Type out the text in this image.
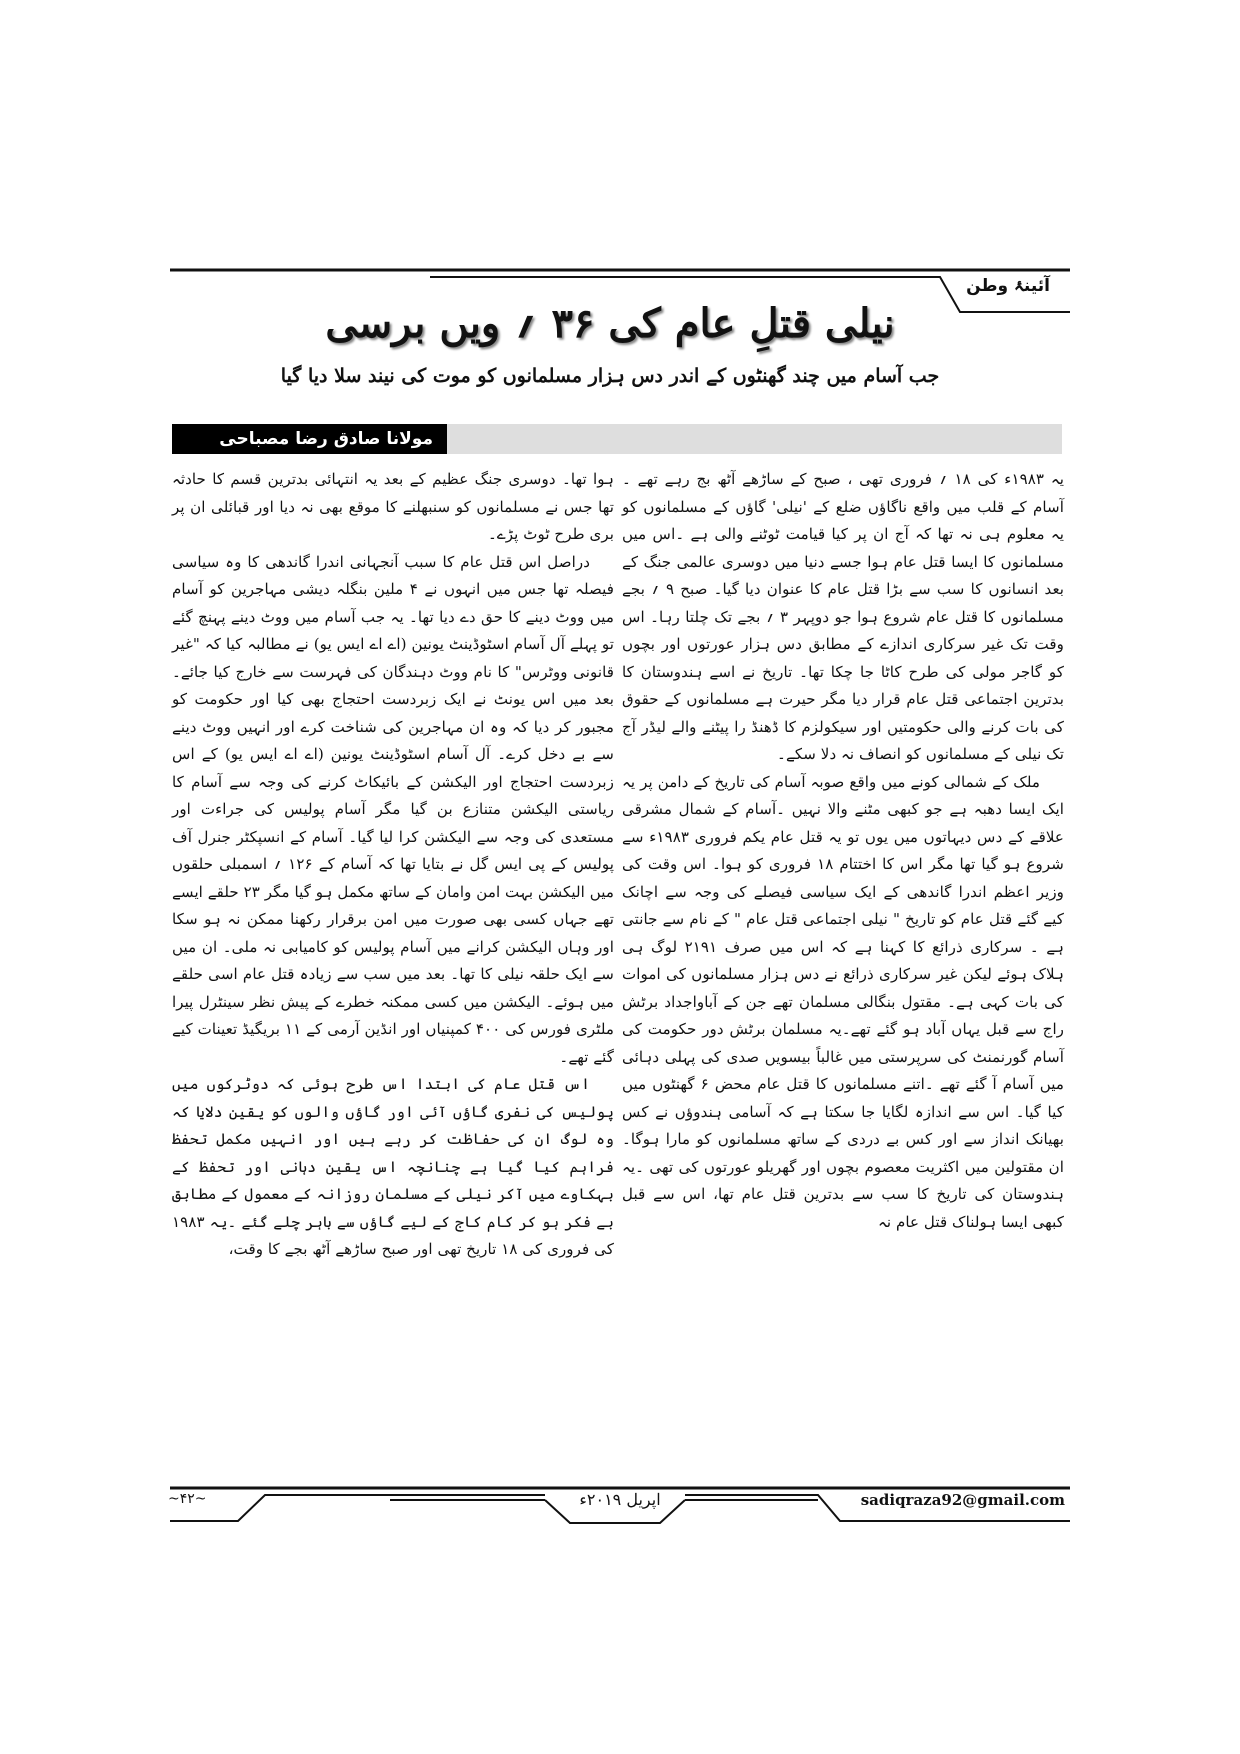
آئینۂ وطن
نیلی قتلِ عام کی ۳۶ ؍ ویں برسی
جب آسام میں چند گھنٹوں کے اندر دس ہزار مسلمانوں کو موت کی نیند سلا دیا گیا
مولانا صادق رضا مصباحی

یہ ۱۹۸۳ء کی ۱۸ ؍ فروری تھی ، صبح کے ساڑھے آٹھ بج رہے تھے ۔آسام کے قلب میں واقع ناگاؤں ضلع کے 'نیلی' گاؤں کے مسلمانوں کو یہ معلوم ہی نہ تھا کہ آج ان پر کیا قیامت ٹوٹنے والی ہے ۔اس میں مسلمانوں کا ایسا قتل عام ہوا جسے دنیا میں دوسری عالمی جنگ کے بعد انسانوں کا سب سے بڑا قتل عام کا عنوان دیا گیا۔ صبح ۹ ؍ بجے مسلمانوں کا قتل عام شروع ہوا جو دوپہر ۳ ؍ بجے تک چلتا رہا۔ اس وقت تک غیر سرکاری اندازے کے مطابق دس ہزار عورتوں اور بچوں کو گاجر مولی کی طرح کاٹا جا چکا تھا۔ تاریخ نے اسے ہندوستان کا بدترین اجتماعی قتل عام قرار دیا مگر حیرت ہے مسلمانوں کے حقوق کی بات کرنے والی حکومتیں اور سیکولزم کا ڈھنڈ را پیٹنے والے لیڈر آج تک نیلی کے مسلمانوں کو انصاف نہ دلا سکے۔

ملک کے شمالی کونے میں واقع صوبہ آسام کی تاریخ کے دامن پر یہ ایک ایسا دھبہ ہے جو کبھی مٹنے والا نہیں ۔آسام کے شمال مشرقی علاقے کے دس دیہاتوں میں یوں تو یہ قتل عام یکم فروری ۱۹۸۳ء سے شروع ہو گیا تھا مگر اس کا اختتام ۱۸ فروری کو ہوا۔ اس وقت کی وزیر اعظم اندرا گاندھی کے ایک سیاسی فیصلے کی وجہ سے اچانک کیے گئے قتل عام کو تاریخ " نیلی اجتماعی قتل عام " کے نام سے جانتی ہے ۔ سرکاری ذرائع کا کہنا ہے کہ اس میں صرف ۲۱۹۱ لوگ ہی ہلاک ہوئے لیکن غیر سرکاری ذرائع نے دس ہزار مسلمانوں کی اموات کی بات کہی ہے۔ مقتول بنگالی مسلمان تھے جن کے آباواجداد برٹش راج سے قبل یہاں آباد ہو گئے تھے۔یہ مسلمان برٹش دور حکومت کی آسام گورنمنٹ کی سرپرستی میں غالباً بیسویں صدی کی پہلی دہائی میں آسام آ گئے تھے ۔اتنے مسلمانوں کا قتل عام محض ۶ گھنٹوں میں کیا گیا۔ اس سے اندازہ لگایا جا سکتا ہے کہ آسامی ہندوؤں نے کس بھیانک انداز سے اور کس بے دردی کے ساتھ مسلمانوں کو مارا ہوگا۔ ان مقتولین میں اکثریت معصوم بچوں اور گھریلو عورتوں کی تھی ۔یہ ہندوستان کی تاریخ کا سب سے بدترین قتل عام تھا، اس سے قبل کبھی ایسا ہولناک قتل عام نہ

ہوا تھا۔ دوسری جنگ عظیم کے بعد یہ انتہائی بدترین قسم کا حادثہ تھا جس نے مسلمانوں کو سنبھلنے کا موقع بھی نہ دیا اور قبائلی ان پر بری طرح ٹوٹ پڑے۔

دراصل اس قتل عام کا سبب آنجہانی اندرا گاندھی کا وہ سیاسی فیصلہ تھا جس میں انہوں نے ۴ ملین بنگلہ دیشی مہاجرین کو آسام میں ووٹ دینے کا حق دے دیا تھا۔ یہ جب آسام میں ووٹ دینے پہنچ گئے تو پہلے آل آسام اسٹوڈینٹ یونین (اے اے ایس یو) نے مطالبہ کیا کہ "غیر قانونی ووٹرس" کا نام ووٹ دہندگان کی فہرست سے خارج کیا جائے۔ بعد میں اس یونٹ نے ایک زبردست احتجاج بھی کیا اور حکومت کو مجبور کر دیا کہ وہ ان مہاجرین کی شناخت کرے اور انہیں ووٹ دینے سے بے دخل کرے۔ آل آسام اسٹوڈینٹ یونین (اے اے ایس یو) کے اس زبردست احتجاج اور الیکشن کے بائیکاٹ کرنے کی وجہ سے آسام کا ریاستی الیکشن متنازع بن گیا مگر آسام پولیس کی جراءت اور مستعدی کی وجہ سے الیکشن کرا لیا گیا۔ آسام کے انسپکٹر جنرل آف پولیس کے پی ایس گل نے بتایا تھا کہ آسام کے ۱۲۶ ؍ اسمبلی حلقوں میں الیکشن بہت امن وامان کے ساتھ مکمل ہو گیا مگر ۲۳ حلقے ایسے تھے جہاں کسی بھی صورت میں امن برقرار رکھنا ممکن نہ ہو سکا اور وہاں الیکشن کرانے میں آسام پولیس کو کامیابی نہ ملی۔ ان میں سے ایک حلقہ نیلی کا تھا۔ بعد میں سب سے زیادہ قتل عام اسی حلقے میں ہوئے۔ الیکشن میں کسی ممکنہ خطرے کے پیش نظر سینٹرل پیرا ملٹری فورس کی ۴۰۰ کمپنیاں اور انڈین آرمی کے ۱۱ بریگیڈ تعینات کیے گئے تھے۔

اس قتل عام کی ابتدا اس طرح ہوئی کہ دوٹرکوں میں پولیس کی نفری گاؤں آئی اور گاؤں والوں کو یقین دلایا کہ وہ لوگ ان کی حفاظت کر رہے ہیں اور انہیں مکمل تحفظ فراہم کیا گیا ہے چنانچہ اس یقین دہانی اور تحفظ کے بہکاوے میں آکر نیلی کے مسلمان روزانہ کے معمول کے مطابق بے فکر ہو کر کام کاج کے لیے گاؤں سے باہر چلے گئے ۔یہ ۱۹۸۳ کی فروری کی ۱۸ تاریخ تھی اور صبح ساڑھے آٹھ بجے کا وقت،

~۴۲~	اپریل ۲۰۱۹ء	sadiqraza92@gmail.com
